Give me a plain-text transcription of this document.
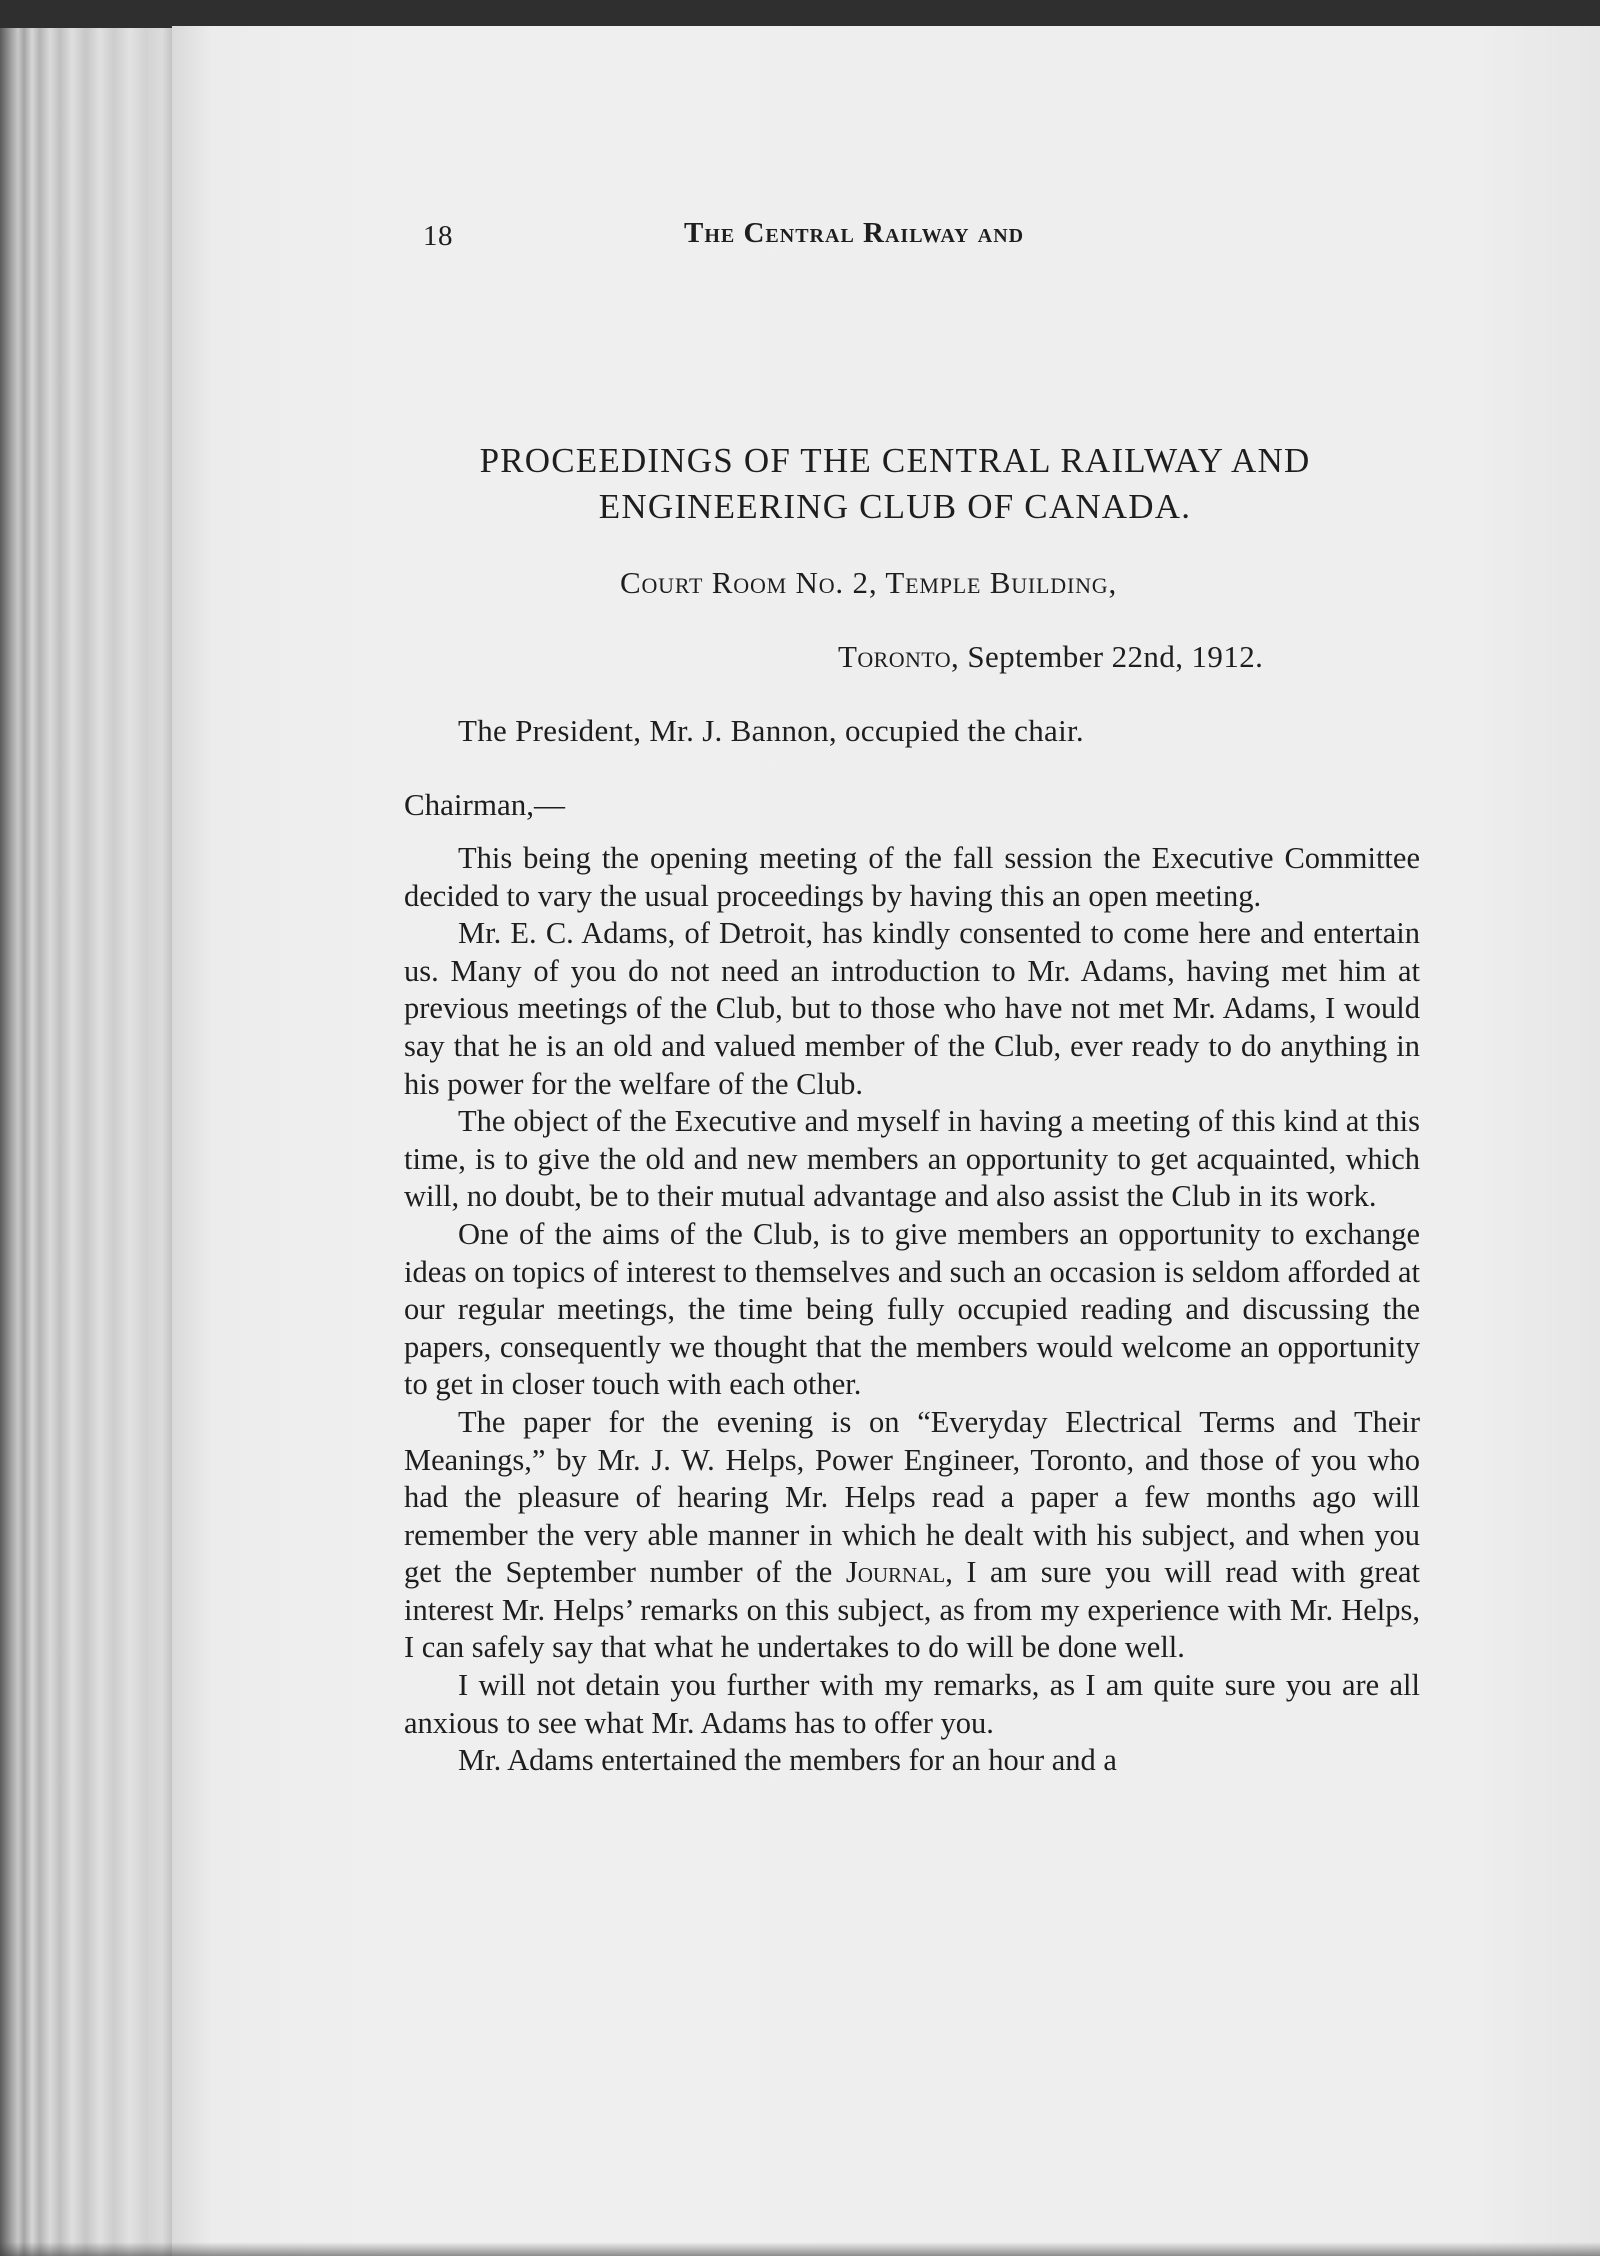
18	The Central Railway and
PROCEEDINGS OF THE CENTRAL RAILWAY AND
ENGINEERING CLUB OF CANADA.
Court Room No. 2, Temple Building,
Toronto, September 22nd, 1912.
The President, Mr. J. Bannon, occupied the chair.
Chairman,—

This being the opening meeting of the fall session the Executive Committee decided to vary the usual proceedings by having this an open meeting.

Mr. E. C. Adams, of Detroit, has kindly consented to come here and entertain us. Many of you do not need an introduction to Mr. Adams, having met him at previous meetings of the Club, but to those who have not met Mr. Adams, I would say that he is an old and valued member of the Club, ever ready to do anything in his power for the welfare of the Club.

The object of the Executive and myself in having a meeting of this kind at this time, is to give the old and new members an opportunity to get acquainted, which will, no doubt, be to their mutual advantage and also assist the Club in its work.

One of the aims of the Club, is to give members an opportunity to exchange ideas on topics of interest to themselves and such an occasion is seldom afforded at our regular meetings, the time being fully occupied reading and discussing the papers, consequently we thought that the members would welcome an opportunity to get in closer touch with each other.

The paper for the evening is on “Everyday Electrical Terms and Their Meanings,” by Mr. J. W. Helps, Power Engineer, Toronto, and those of you who had the pleasure of hearing Mr. Helps read a paper a few months ago will remember the very able manner in which he dealt with his subject, and when you get the September number of the Journal, I am sure you will read with great interest Mr. Helps’ remarks on this subject, as from my experience with Mr. Helps, I can safely say that what he undertakes to do will be done well.

I will not detain you further with my remarks, as I am quite sure you are all anxious to see what Mr. Adams has to offer you.

Mr. Adams entertained the members for an hour and a
